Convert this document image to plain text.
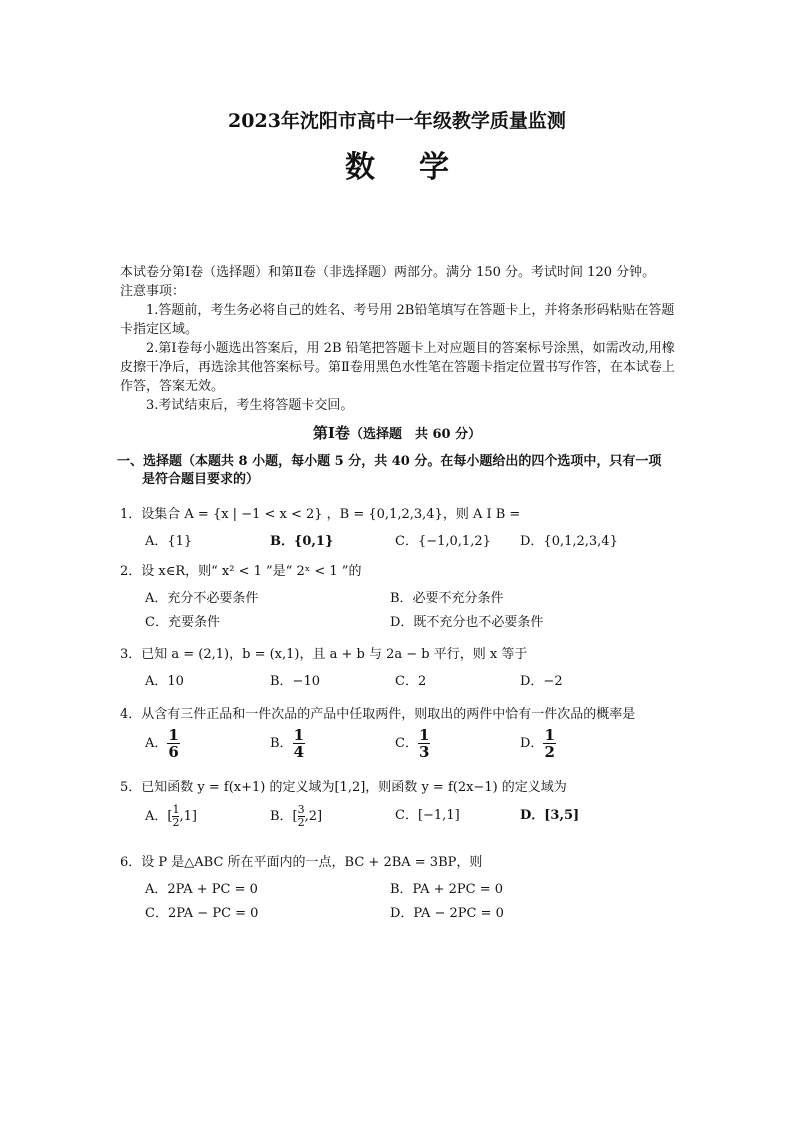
2023年沈阳市高中一年级教学质量监测
数学

本试卷分第Ⅰ卷（选择题）和第Ⅱ卷（非选择题）两部分。满分 150 分。考试时间 120 分钟。

注意事项：

1.答题前，考生务必将自己的姓名、考号用 2B铅笔填写在答题卡上，并将条形码粘贴在答题卡指定区域。

2.第Ⅰ卷每小题选出答案后，用 2B 铅笔把答题卡上对应题目的答案标号涂黑，如需改动,用橡皮擦干净后，再选涂其他答案标号。第Ⅱ卷用黑色水性笔在答题卡指定位置书写作答，在本试卷上作答，答案无效。

3.考试结束后，考生将答题卡交回。

第Ⅰ卷（选择题　共 60 分）
一、选择题（本题共 8 小题，每小题 5 分，共 40 分。在每小题给出的四个选项中，只有一项
是符合题目要求的）
1．设集合 A = {x | −1 < x < 2} ，B = {0,1,2,3,4}，则 A I B =
A．{1}	B．{0,1}	C．{−1,0,1,2}	D．{0,1,2,3,4}
2．设 x∈R，则“ x² < 1 ”是“ 2ˣ < 1 ”的
A．充分不必要条件	B．必要不充分条件
C．充要条件	D．既不充分也不必要条件
3．已知 a = (2,1)，b = (x,1)，且 a + b 与 2a − b 平行，则 x 等于
A．10	B．−10	C．2	D．−2
4．从含有三件正品和一件次品的产品中任取两件，则取出的两件中恰有一件次品的概率是
A． $\frac{1}{6}$	B． $\frac{1}{4}$	C． $\frac{1}{3}$	D． $\frac{1}{2}$
5．已知函数 y = f(x+1) 的定义域为[1,2]，则函数 y = f(2x−1) 的定义域为
A．[ $\frac{1}{2} ,1$]	B．[ $\frac{3}{2} ,2$]	C．[−1,1]	D．[3,5]
6．设 P 是△ABC 所在平面内的一点，BC + 2BA = 3BP，则
A．2PA + PC = 0	B．PA + 2PC = 0
C．2PA − PC = 0	D．PA − 2PC = 0
